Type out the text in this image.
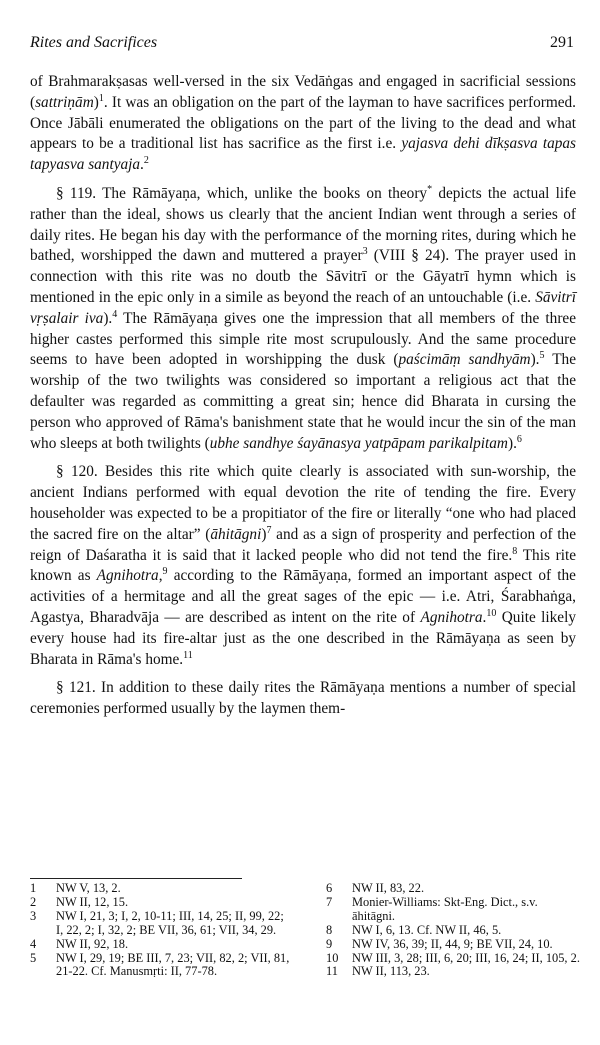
Rites and Sacrifices	291

of Brahmarakṣasas well-versed in the six Vedāṅgas and engaged in sacrificial sessions (sattriṇām)$^1$. It was an obligation on the part of the layman to have sacrifices performed. Once Jābāli enumerated the obligations on the part of the living to the dead and what appears to be a traditional list has sacrifice as the first i.e. yajasva dehi dīkṣasva tapas tapyasva santyaja.$^2$

§ 119. The Rāmāyaṇa, which, unlike the books on theory* depicts the actual life rather than the ideal, shows us clearly that the ancient Indian went through a series of daily rites. He began his day with the performance of the morning rites, during which he bathed, worshipped the dawn and muttered a prayer$^3$ (VIII § 24). The prayer used in connection with this rite was no doutb the Sāvitrī or the Gāyatrī hymn which is mentioned in the epic only in a simile as beyond the reach of an untouchable (i.e. Sāvitrī vṛṣalair iva).$^4$ The Rāmāyaṇa gives one the impression that all members of the three higher castes performed this simple rite most scrupulously. And the same procedure seems to have been adopted in worshipping the dusk (paścimāṃ sandhyām).$^5$ The worship of the two twilights was considered so important a religious act that the defaulter was regarded as committing a great sin; hence did Bharata in cursing the person who approved of Rāma's banishment state that he would incur the sin of the man who sleeps at both twilights (ubhe sandhye śayānasya yatpāpam parikalpitam).$^6$

§ 120. Besides this rite which quite clearly is associated with sun-worship, the ancient Indians performed with equal devotion the rite of tending the fire. Every householder was expected to be a propitiator of the fire or literally “one who had placed the sacred fire on the altar” (āhitāgni)$^7$ and as a sign of prosperity and perfection of the reign of Daśaratha it is said that it lacked people who did not tend the fire.$^8$ This rite known as Agnihotra,$^9$ according to the Rāmāyaṇa, formed an important aspect of the activities of a hermitage and all the great sages of the epic — i.e. Atri, Śarabhaṅga, Agastya, Bharadvāja — are described as intent on the rite of Agnihotra.$^{10}$ Quite likely every house had its fire-altar just as the one described in the Rāmāyaṇa as seen by Bharata in Rāma's home.$^{11}$

§ 121. In addition to these daily rites the Rāmāyaṇa mentions a number of special ceremonies performed usually by the laymen them-

1	NW V, 13, 2.
2	NW II, 12, 15.
3	NW I, 21, 3; I, 2, 10-11; III, 14, 25; II, 99, 22; I, 22, 2; I, 32, 2; BE VII, 36, 61; VII, 34, 29.
4	NW II, 92, 18.
5	NW I, 29, 19; BE III, 7, 23; VII, 82, 2; VII, 81, 21-22. Cf. Manusmṛti: II, 77-78.
6	NW II, 83, 22.
7	Monier-Williams: Skt-Eng. Dict., s.v. āhitāgni.
8	NW I, 6, 13. Cf. NW II, 46, 5.
9	NW IV, 36, 39; II, 44, 9; BE VII, 24, 10.
10	NW III, 3, 28; III, 6, 20; III, 16, 24; II, 105, 2.
11	NW II, 113, 23.
